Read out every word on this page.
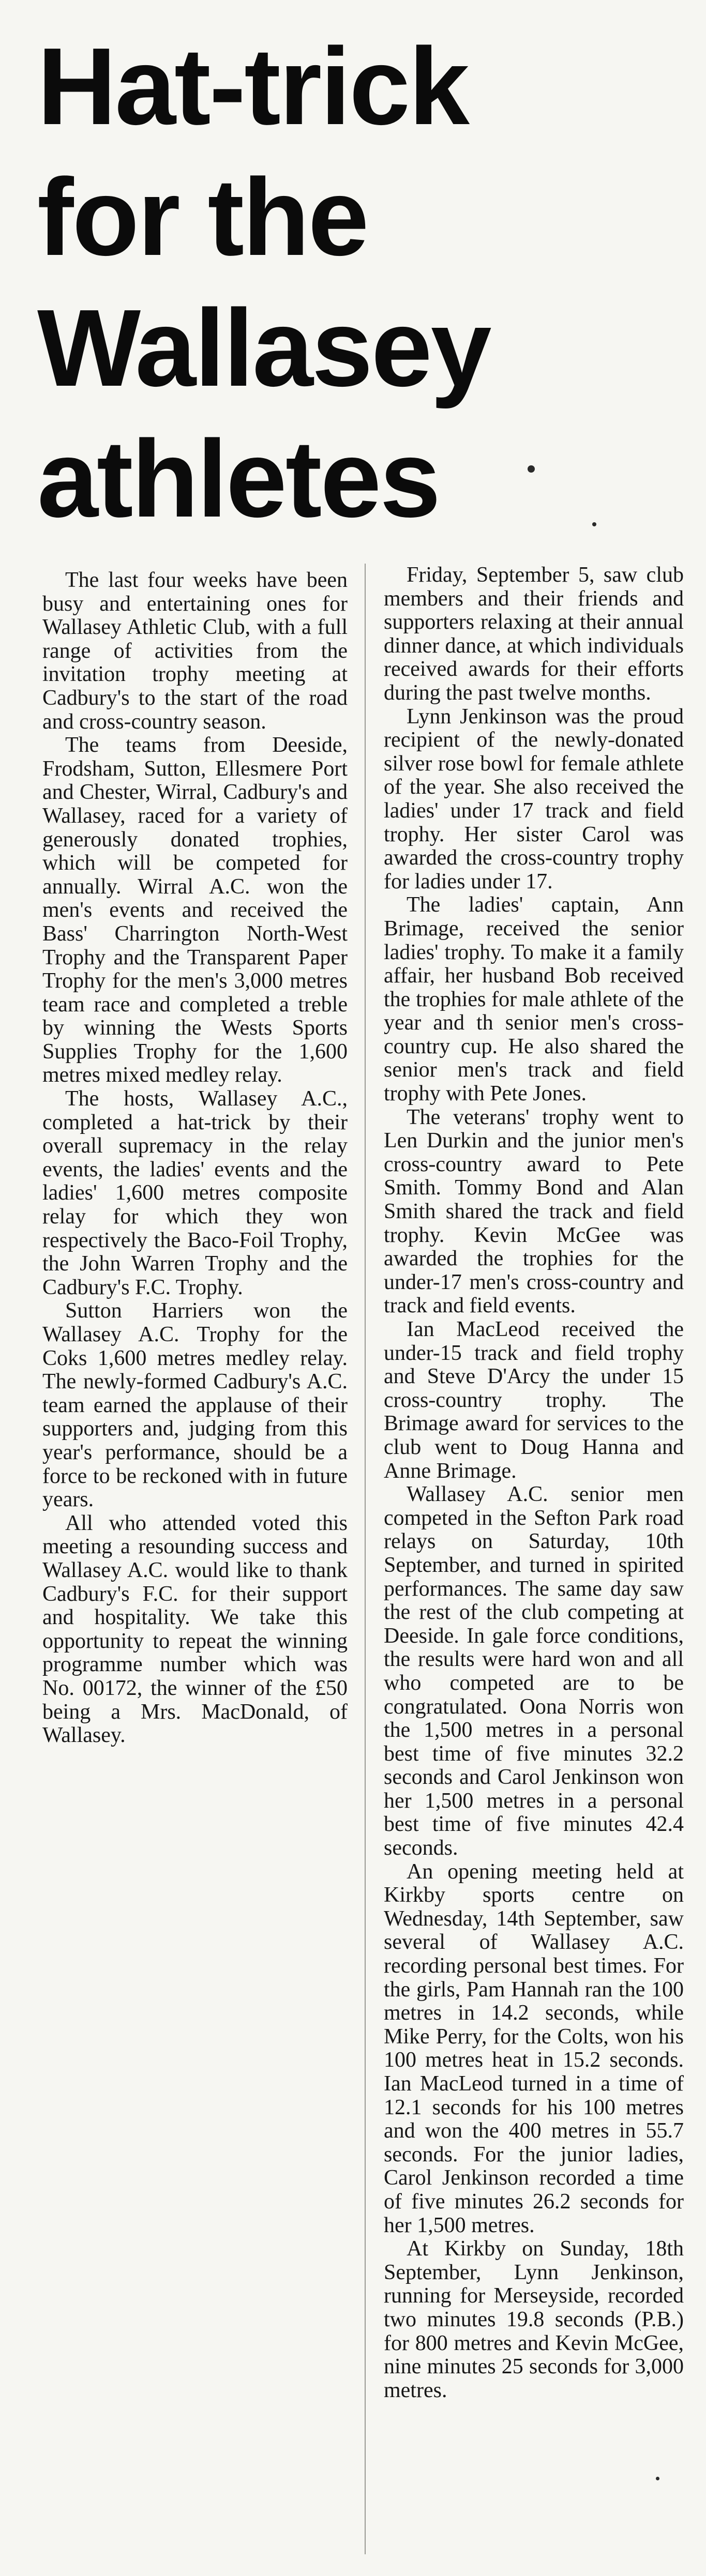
Hat-trick
for the
Wallasey
athletes

The last four weeks have been busy and entertaining ones for Wallasey Athletic Club, with a full range of activities from the invitation trophy meeting at Cadbury's to the start of the road and cross-country season.

The teams from Deeside, Frodsham, Sutton, Ellesmere Port and Chester, Wirral, Cadbury's and Wallasey, raced for a variety of generously donated trophies, which will be competed for annually. Wirral A.C. won the men's events and received the Bass' Charrington North-West Trophy and the Transparent Paper Trophy for the men's 3,000 metres team race and completed a treble by winning the Wests Sports Supplies Trophy for the 1,600 metres mixed medley relay.

The hosts, Wallasey A.C., completed a hat-trick by their overall supremacy in the relay events, the ladies' events and the ladies' 1,600 metres composite relay for which they won respectively the Baco-Foil Trophy, the John Warren Trophy and the Cadbury's F.C. Trophy.

Sutton Harriers won the Wallasey A.C. Trophy for the Coks 1,600 metres medley relay. The newly-formed Cadbury's A.C. team earned the applause of their supporters and, judging from this year's performance, should be a force to be reckoned with in future years.

All who attended voted this meeting a resounding success and Wallasey A.C. would like to thank Cadbury's F.C. for their support and hospitality. We take this opportunity to repeat the winning programme number which was No. 00172, the winner of the £50 being a Mrs. MacDonald, of Wallasey.

Friday, September 5, saw club members and their friends and supporters relaxing at their annual dinner dance, at which individuals received awards for their efforts during the past twelve months.

Lynn Jenkinson was the proud recipient of the newly-donated silver rose bowl for female athlete of the year. She also received the ladies' under 17 track and field trophy. Her sister Carol was awarded the cross-country trophy for ladies under 17.

The ladies' captain, Ann Brimage, received the senior ladies' trophy. To make it a family affair, her husband Bob received the trophies for male athlete of the year and th senior men's cross-country cup. He also shared the senior men's track and field trophy with Pete Jones.

The veterans' trophy went to Len Durkin and the junior men's cross-country award to Pete Smith. Tommy Bond and Alan Smith shared the track and field trophy. Kevin McGee was awarded the trophies for the under-17 men's cross-country and track and field events.

Ian MacLeod received the under-15 track and field trophy and Steve D'Arcy the under 15 cross-country trophy. The Brimage award for services to the club went to Doug Hanna and Anne Brimage.

Wallasey A.C. senior men competed in the Sefton Park road relays on Saturday, 10th September, and turned in spirited performances. The same day saw the rest of the club competing at Deeside. In gale force conditions, the results were hard won and all who competed are to be congratulated. Oona Norris won the 1,500 metres in a personal best time of five minutes 32.2 seconds and Carol Jenkinson won her 1,500 metres in a personal best time of five minutes 42.4 seconds.

An opening meeting held at Kirkby sports centre on Wednesday, 14th September, saw several of Wallasey A.C. recording personal best times. For the girls, Pam Hannah ran the 100 metres in 14.2 seconds, while Mike Perry, for the Colts, won his 100 metres heat in 15.2 seconds. Ian MacLeod turned in a time of 12.1 seconds for his 100 metres and won the 400 metres in 55.7 seconds. For the junior ladies, Carol Jenkinson recorded a time of five minutes 26.2 seconds for her 1,500 metres.

At Kirkby on Sunday, 18th September, Lynn Jenkinson, running for Merseyside, recorded two minutes 19.8 seconds (P.B.) for 800 metres and Kevin McGee, nine minutes 25 seconds for 3,000 metres.
